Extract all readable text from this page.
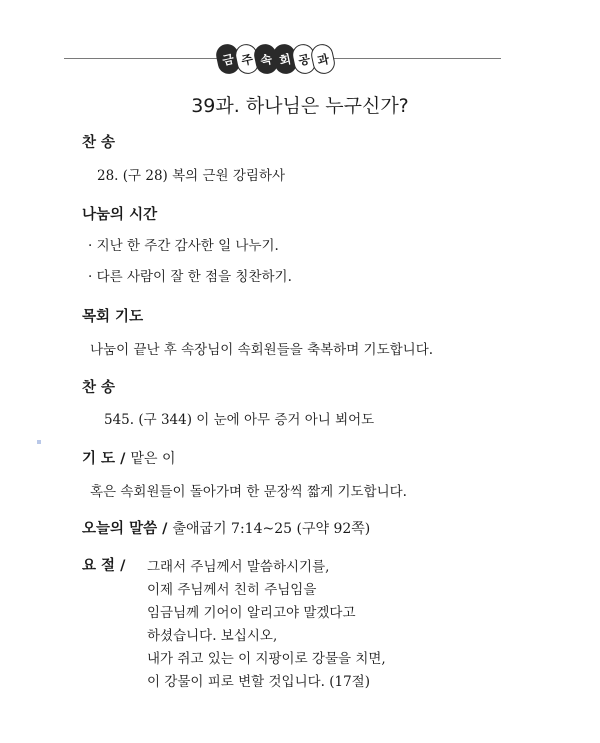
금 주 속 회 공 과
39과. 하나님은 누구신가?
찬 송
28. (구 28) 복의 근원 강림하사
나눔의 시간
· 지난 한 주간 감사한 일 나누기.
· 다른 사람이 잘 한 점을 칭찬하기.
목회 기도
나눔이 끝난 후 속장님이 속회원들을 축복하며 기도합니다.
찬 송
545. (구 344) 이 눈에 아무 증거 아니 뵈어도
기 도 / 맡은 이
혹은 속회원들이 돌아가며 한 문장씩 짧게 기도합니다.
오늘의 말씀 / 출애굽기 7:14~25 (구약 92쪽)
요 절 / 그래서 주님께서 말씀하시기를,
이제 주님께서 친히 주님임을
임금님께 기어이 알리고야 말겠다고
하셨습니다. 보십시오,
내가 쥐고 있는 이 지팡이로 강물을 치면,
이 강물이 피로 변할 것입니다. (17절)
